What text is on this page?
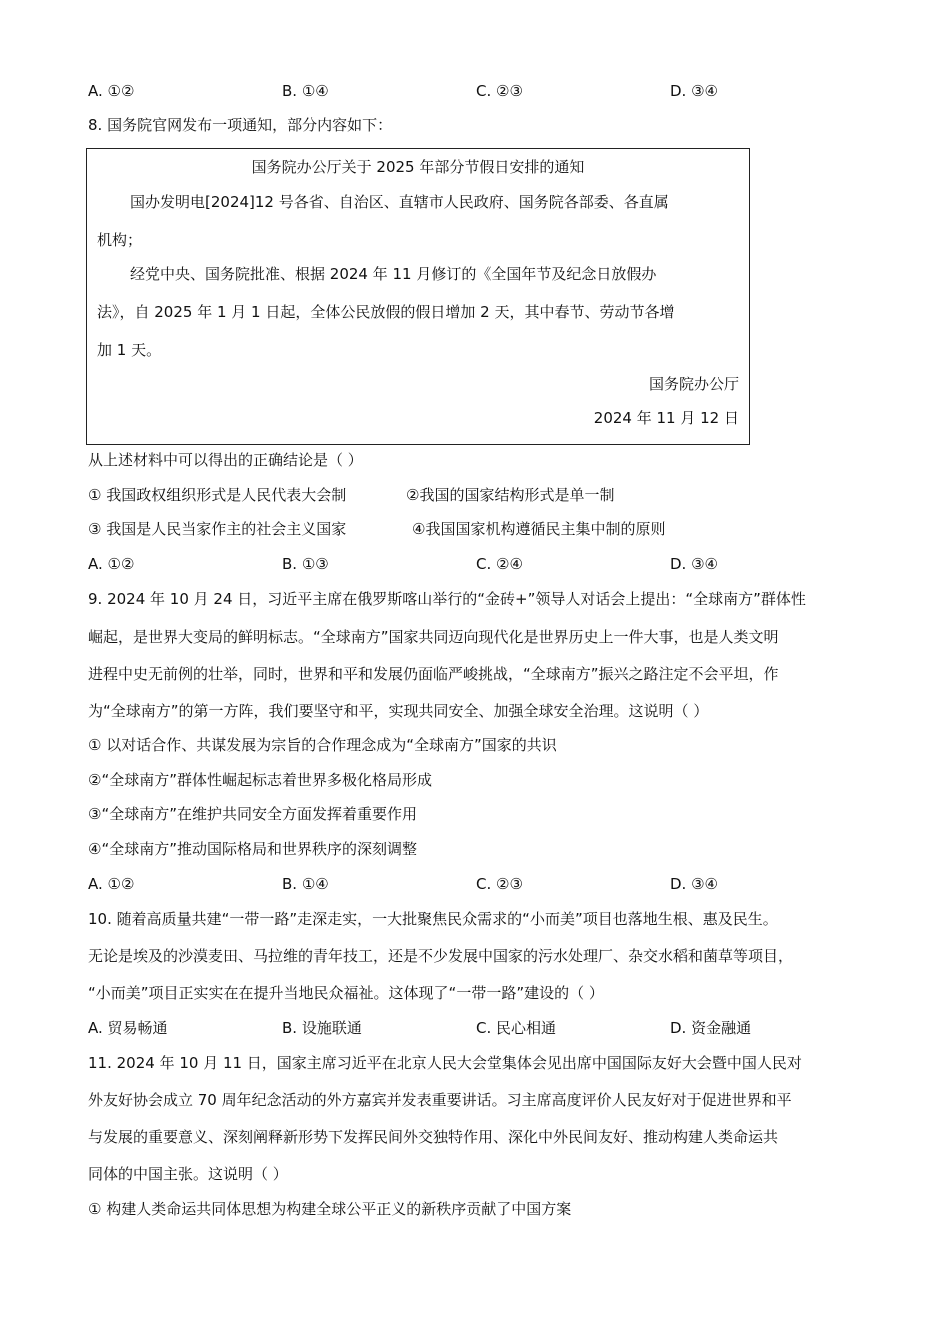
A. ①②	B. ①④	C. ②③	D. ③④
8. 国务院官网发布一项通知，部分内容如下：
国务院办公厅关于 2025 年部分节假日安排的通知
国办发明电[2024]12 号各省、自治区、直辖市人民政府、国务院各部委、各直属
机构；
经党中央、国务院批准、根据 2024 年 11 月修订的《全国年节及纪念日放假办
法》，自 2025 年 1 月 1 日起，全体公民放假的假日增加 2 天，其中春节、劳动节各增
加 1 天。
国务院办公厅
2024 年 11 月 12 日
从上述材料中可以得出的正确结论是（ ）
① 我国政权组织形式是人民代表大会制	②我国的国家结构形式是单一制
③ 我国是人民当家作主的社会主义国家	④我国国家机构遵循民主集中制的原则
A. ①②	B. ①③	C. ②④	D. ③④
9. 2024 年 10 月 24 日，习近平主席在俄罗斯喀山举行的“金砖+”领导人对话会上提出：“全球南方”群体性
崛起，是世界大变局的鲜明标志。“全球南方”国家共同迈向现代化是世界历史上一件大事，也是人类文明
进程中史无前例的壮举，同时，世界和平和发展仍面临严峻挑战，“全球南方”振兴之路注定不会平坦，作
为“全球南方”的第一方阵，我们要坚守和平，实现共同安全、加强全球安全治理。这说明（ ）
① 以对话合作、共谋发展为宗旨的合作理念成为“全球南方”国家的共识
②“全球南方”群体性崛起标志着世界多极化格局形成
③“全球南方”在维护共同安全方面发挥着重要作用
④“全球南方”推动国际格局和世界秩序的深刻调整
A. ①②	B. ①④	C. ②③	D. ③④
10. 随着高质量共建“一带一路”走深走实，一大批聚焦民众需求的“小而美”项目也落地生根、惠及民生。
无论是埃及的沙漠麦田、马拉维的青年技工，还是不少发展中国家的污水处理厂、杂交水稻和菌草等项目，
“小而美”项目正实实在在提升当地民众福祉。这体现了“一带一路”建设的（ ）
A. 贸易畅通	B. 设施联通	C. 民心相通	D. 资金融通
11. 2024 年 10 月 11 日，国家主席习近平在北京人民大会堂集体会见出席中国国际友好大会暨中国人民对
外友好协会成立 70 周年纪念活动的外方嘉宾并发表重要讲话。习主席高度评价人民友好对于促进世界和平
与发展的重要意义、深刻阐释新形势下发挥民间外交独特作用、深化中外民间友好、推动构建人类命运共
同体的中国主张。这说明（ ）
① 构建人类命运共同体思想为构建全球公平正义的新秩序贡献了中国方案
